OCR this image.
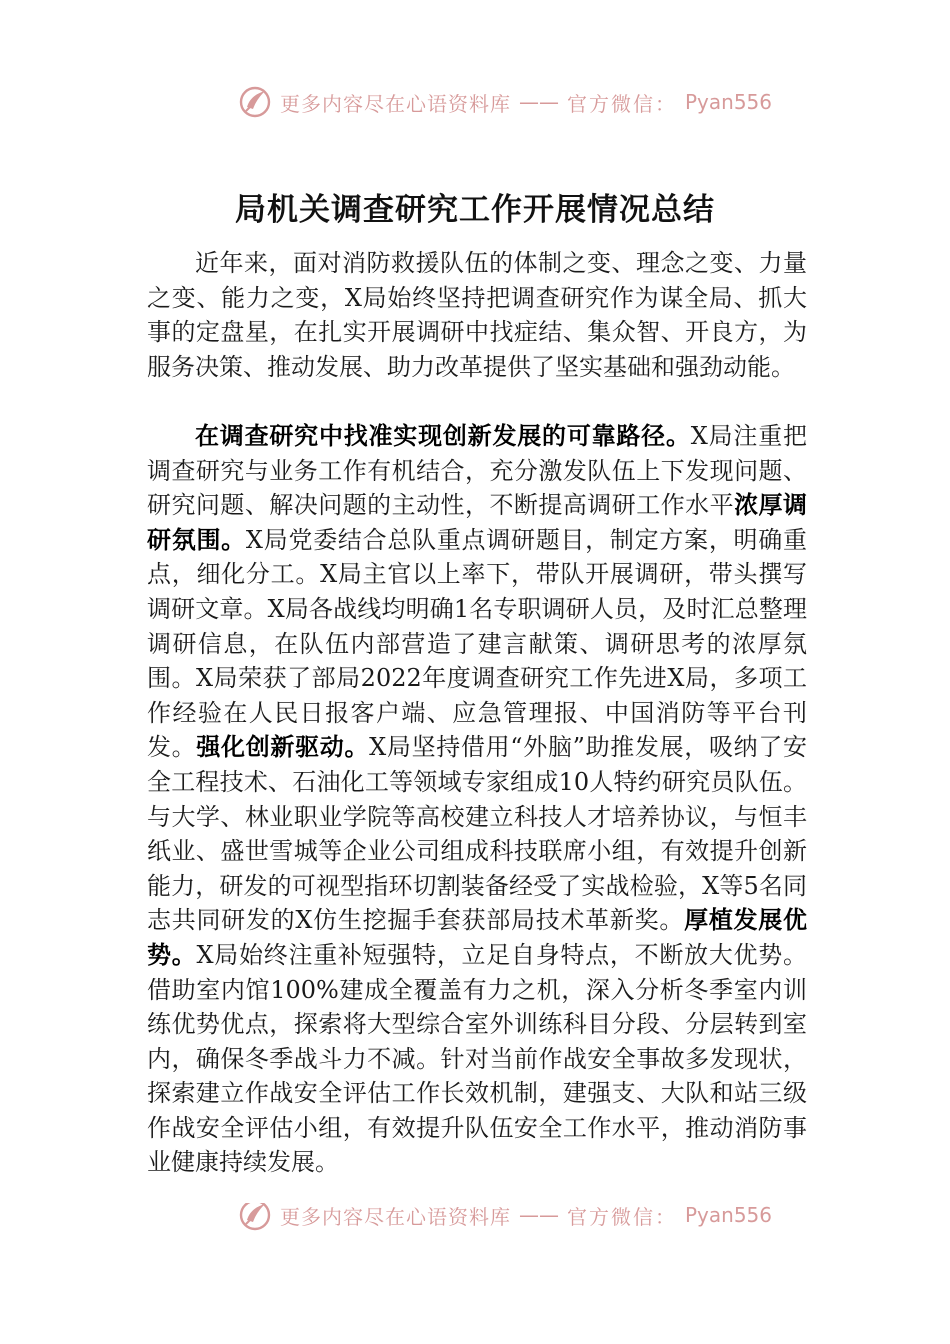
更多内容尽在心语资料库 —— 官方微信： Pyan556
局机关调查研究工作开展情况总结

近年来，面对消防救援队伍的体制之变、理念之变、力量之变、能力之变，X局始终坚持把调查研究作为谋全局、抓大事的定盘星，在扎实开展调研中找症结、集众智、开良方，为服务决策、推动发展、助力改革提供了坚实基础和强劲动能。

在调查研究中找准实现创新发展的可靠路径。X局注重把调查研究与业务工作有机结合，充分激发队伍上下发现问题、研究问题、解决问题的主动性，不断提高调研工作水平浓厚调研氛围。X局党委结合总队重点调研题目，制定方案，明确重点，细化分工。X局主官以上率下，带队开展调研，带头撰写调研文章。X局各战线均明确1名专职调研人员，及时汇总整理调研信息，在队伍内部营造了建言献策、调研思考的浓厚氛围。X局荣获了部局2022年度调查研究工作先进X局，多项工作经验在人民日报客户端、应急管理报、中国消防等平台刊发。强化创新驱动。X局坚持借用“外脑”助推发展，吸纳了安全工程技术、石油化工等领域专家组成10人特约研究员队伍。与大学、林业职业学院等高校建立科技人才培养协议，与恒丰纸业、盛世雪城等企业公司组成科技联席小组，有效提升创新能力，研发的可视型指环切割装备经受了实战检验，X等5名同志共同研发的X仿生挖掘手套获部局技术革新奖。厚植发展优势。X局始终注重补短强特，立足自身特点，不断放大优势。借助室内馆100%建成全覆盖有力之机，深入分析冬季室内训练优势优点，探索将大型综合室外训练科目分段、分层转到室内，确保冬季战斗力不减。针对当前作战安全事故多发现状，探索建立作战安全评估工作长效机制，建强支、大队和站三级作战安全评估小组，有效提升队伍安全工作水平，推动消防事业健康持续发展。

更多内容尽在心语资料库 —— 官方微信： Pyan556
